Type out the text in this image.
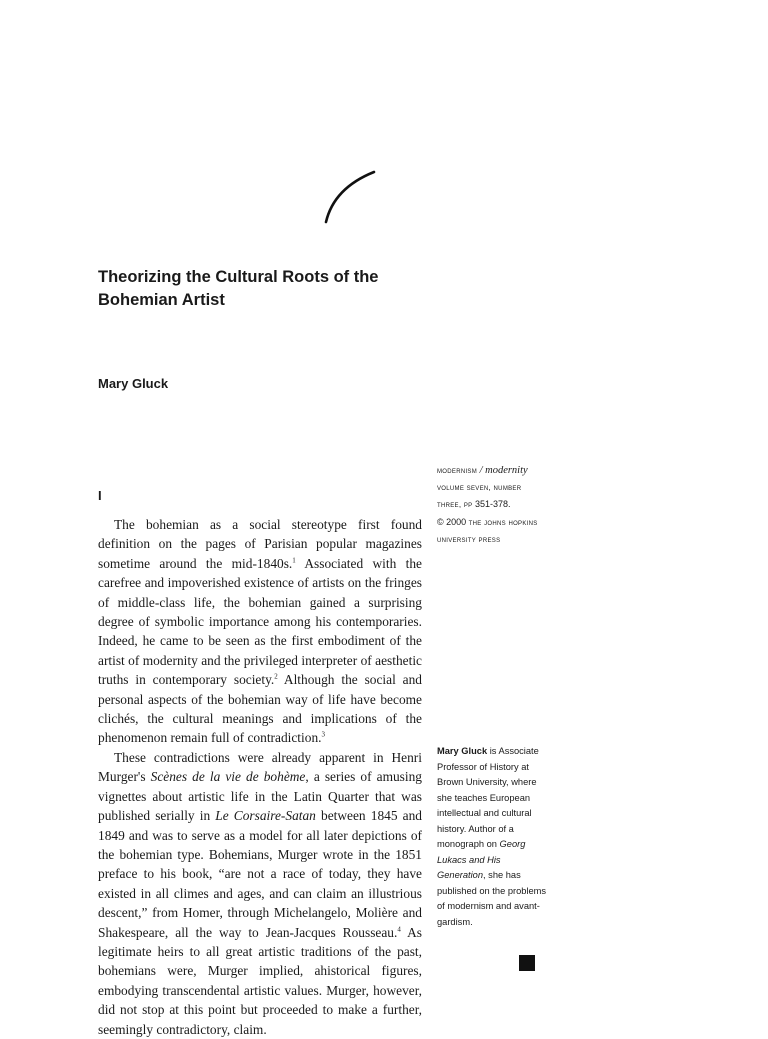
Theorizing the Cultural Roots of the Bohemian Artist
Mary Gluck
I

The bohemian as a social stereotype first found definition on the pages of Parisian popular magazines sometime around the mid-1840s.$^1$ Associated with the carefree and impoverished existence of artists on the fringes of middle-class life, the bohemian gained a surprising degree of symbolic importance among his contemporaries. Indeed, he came to be seen as the first embodiment of the artist of modernity and the privileged interpreter of aesthetic truths in contemporary society.$^2$ Although the social and personal aspects of the bohemian way of life have become clichés, the cultural meanings and implications of the phenomenon remain full of contradiction.$^3$

These contradictions were already apparent in Henri Murger's Scènes de la vie de bohème, a series of amusing vignettes about artistic life in the Latin Quarter that was published serially in Le Corsaire-Satan between 1845 and 1849 and was to serve as a model for all later depictions of the bohemian type. Bohemians, Murger wrote in the 1851 preface to his book, “are not a race of today, they have existed in all climes and ages, and can claim an illustrious descent,” from Homer, through Michelangelo, Molière and Shakespeare, all the way to Jean-Jacques Rousseau.$^4$ As legitimate heirs to all great artistic traditions of the past, bohemians were, Murger implied, ahistorical figures, embodying transcendental artistic values. Murger, however, did not stop at this point but proceeded to make a further, seemingly contradictory, claim.

modernism / modernity
volume seven, number
three, pp 351-378.
© 2000 the johns hopkins university press
Mary Gluck is Associate Professor of History at Brown University, where she teaches European intellectual and cultural history. Author of a monograph on Georg Lukacs and His Generation, she has published on the problems of modernism and avant-gardism.
